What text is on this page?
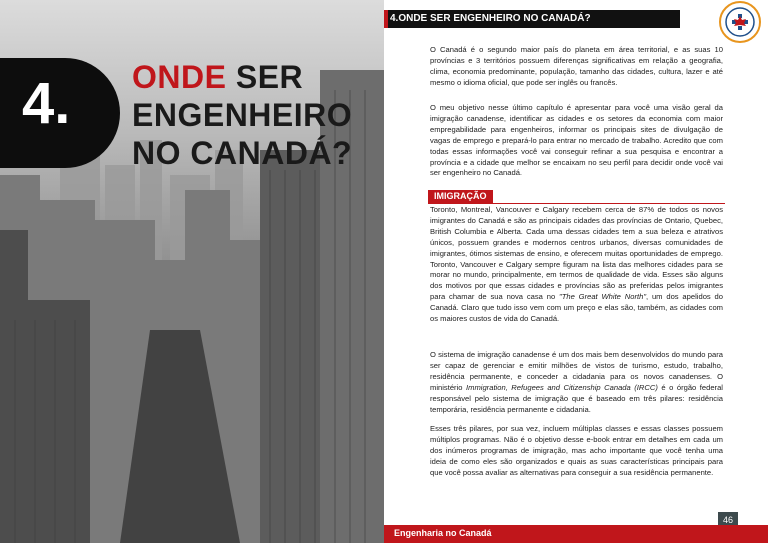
4. ONDE SER
ENGENHEIRO
NO CANADÁ?
4.ONDE SER ENGENHEIRO NO CANADÁ?
O Canadá é o segundo maior país do planeta em área territorial, e as suas 10 províncias e 3 territórios possuem diferenças significativas em relação a geografia, clima, economia predominante, população, tamanho das cidades, cultura, lazer e até mesmo o idioma oficial, que pode ser inglês ou francês.
O meu objetivo nesse último capítulo é apresentar para você uma visão geral da imigração canadense, identificar as cidades e os setores da economia com maior empregabilidade para engenheiros, informar os principais sites de divulgação de vagas de emprego e prepará-lo para entrar no mercado de trabalho. Acredito que com todas essas informações você vai conseguir refinar a sua pesquisa e encontrar a província e a cidade que melhor se encaixam no seu perfil para decidir onde você vai ser engenheiro no Canadá.
IMIGRAÇÃO
Toronto, Montreal, Vancouver e Calgary recebem cerca de 87% de todos os novos imigrantes do Canadá e são as principais cidades das províncias de Ontario, Quebec, British Columbia e Alberta. Cada uma dessas cidades tem a sua beleza e atrativos únicos, possuem grandes e modernos centros urbanos, diversas comunidades de imigrantes, ótimos sistemas de ensino, e oferecem muitas oportunidades de emprego. Toronto, Vancouver e Calgary sempre figuram na lista das melhores cidades para se morar no mundo, principalmente, em termos de qualidade de vida. Esses são alguns dos motivos por que essas cidades e províncias são as preferidas pelos imigrantes para chamar de sua nova casa no "The Great White North", um dos apelidos do Canadá. Claro que tudo isso vem com um preço e elas são, também, as cidades com os maiores custos de vida do Canadá.
O sistema de imigração canadense é um dos mais bem desenvolvidos do mundo para ser capaz de gerenciar e emitir milhões de vistos de turismo, estudo, trabalho, residência permanente, e conceder a cidadania para os novos canadenses. O ministério Immigration, Refugees and Citizenship Canada (IRCC) é o órgão federal responsável pelo sistema de imigração que é baseado em três pilares: residência temporária, residência permanente e cidadania.
Esses três pilares, por sua vez, incluem múltiplas classes e essas classes possuem múltiplos programas. Não é o objetivo desse e-book entrar em detalhes em cada um dos inúmeros programas de imigração, mas acho importante que você tenha uma ideia de como eles são organizados e quais as suas características principais para que você possa avaliar as alternativas para conseguir a sua residência permanente.
46
Engenharia no Canadá
